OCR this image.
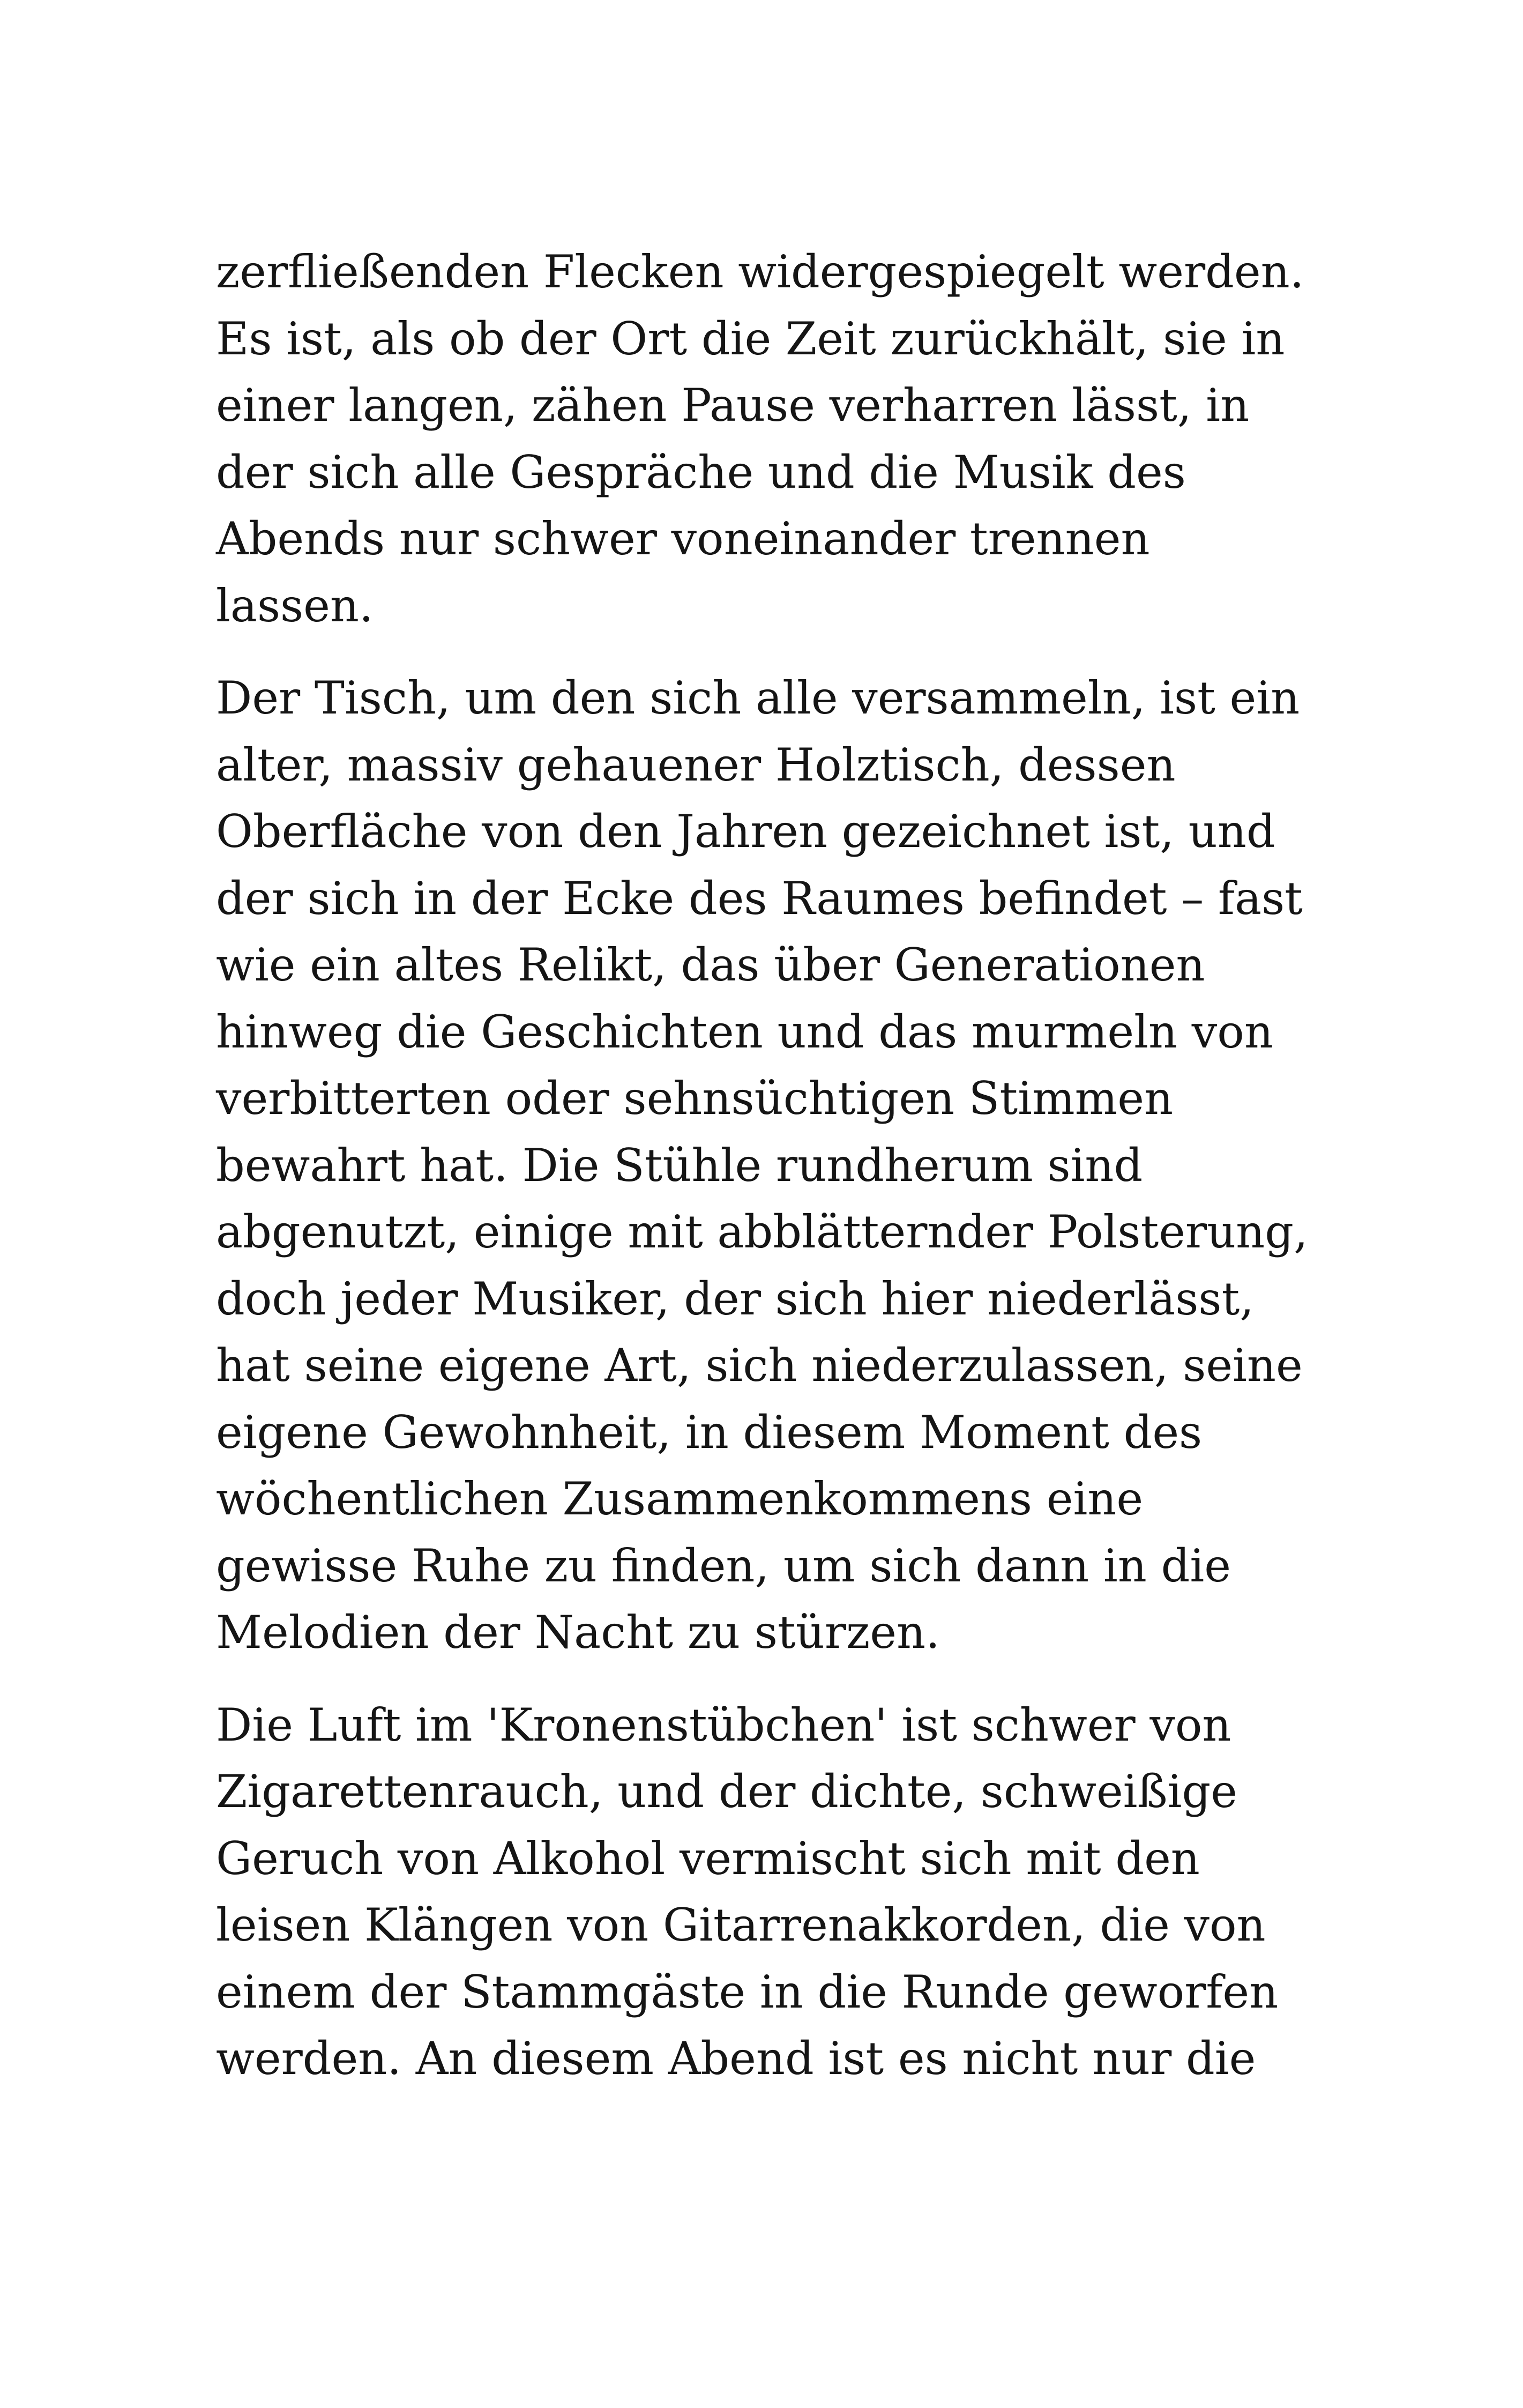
zerfließenden Flecken widergespiegelt werden.
Es ist, als ob der Ort die Zeit zurückhält, sie in
einer langen, zähen Pause verharren lässt, in
der sich alle Gespräche und die Musik des
Abends nur schwer voneinander trennen
lassen.

Der Tisch, um den sich alle versammeln, ist ein
alter, massiv gehauener Holztisch, dessen
Oberfläche von den Jahren gezeichnet ist, und
der sich in der Ecke des Raumes befindet – fast
wie ein altes Relikt, das über Generationen
hinweg die Geschichten und das murmeln von
verbitterten oder sehnsüchtigen Stimmen
bewahrt hat. Die Stühle rundherum sind
abgenutzt, einige mit abblätternder Polsterung,
doch jeder Musiker, der sich hier niederlässt,
hat seine eigene Art, sich niederzulassen, seine
eigene Gewohnheit, in diesem Moment des
wöchentlichen Zusammenkommens eine
gewisse Ruhe zu finden, um sich dann in die
Melodien der Nacht zu stürzen.

Die Luft im 'Kronenstübchen' ist schwer von
Zigarettenrauch, und der dichte, schweißige
Geruch von Alkohol vermischt sich mit den
leisen Klängen von Gitarrenakkorden, die von
einem der Stammgäste in die Runde geworfen
werden. An diesem Abend ist es nicht nur die
